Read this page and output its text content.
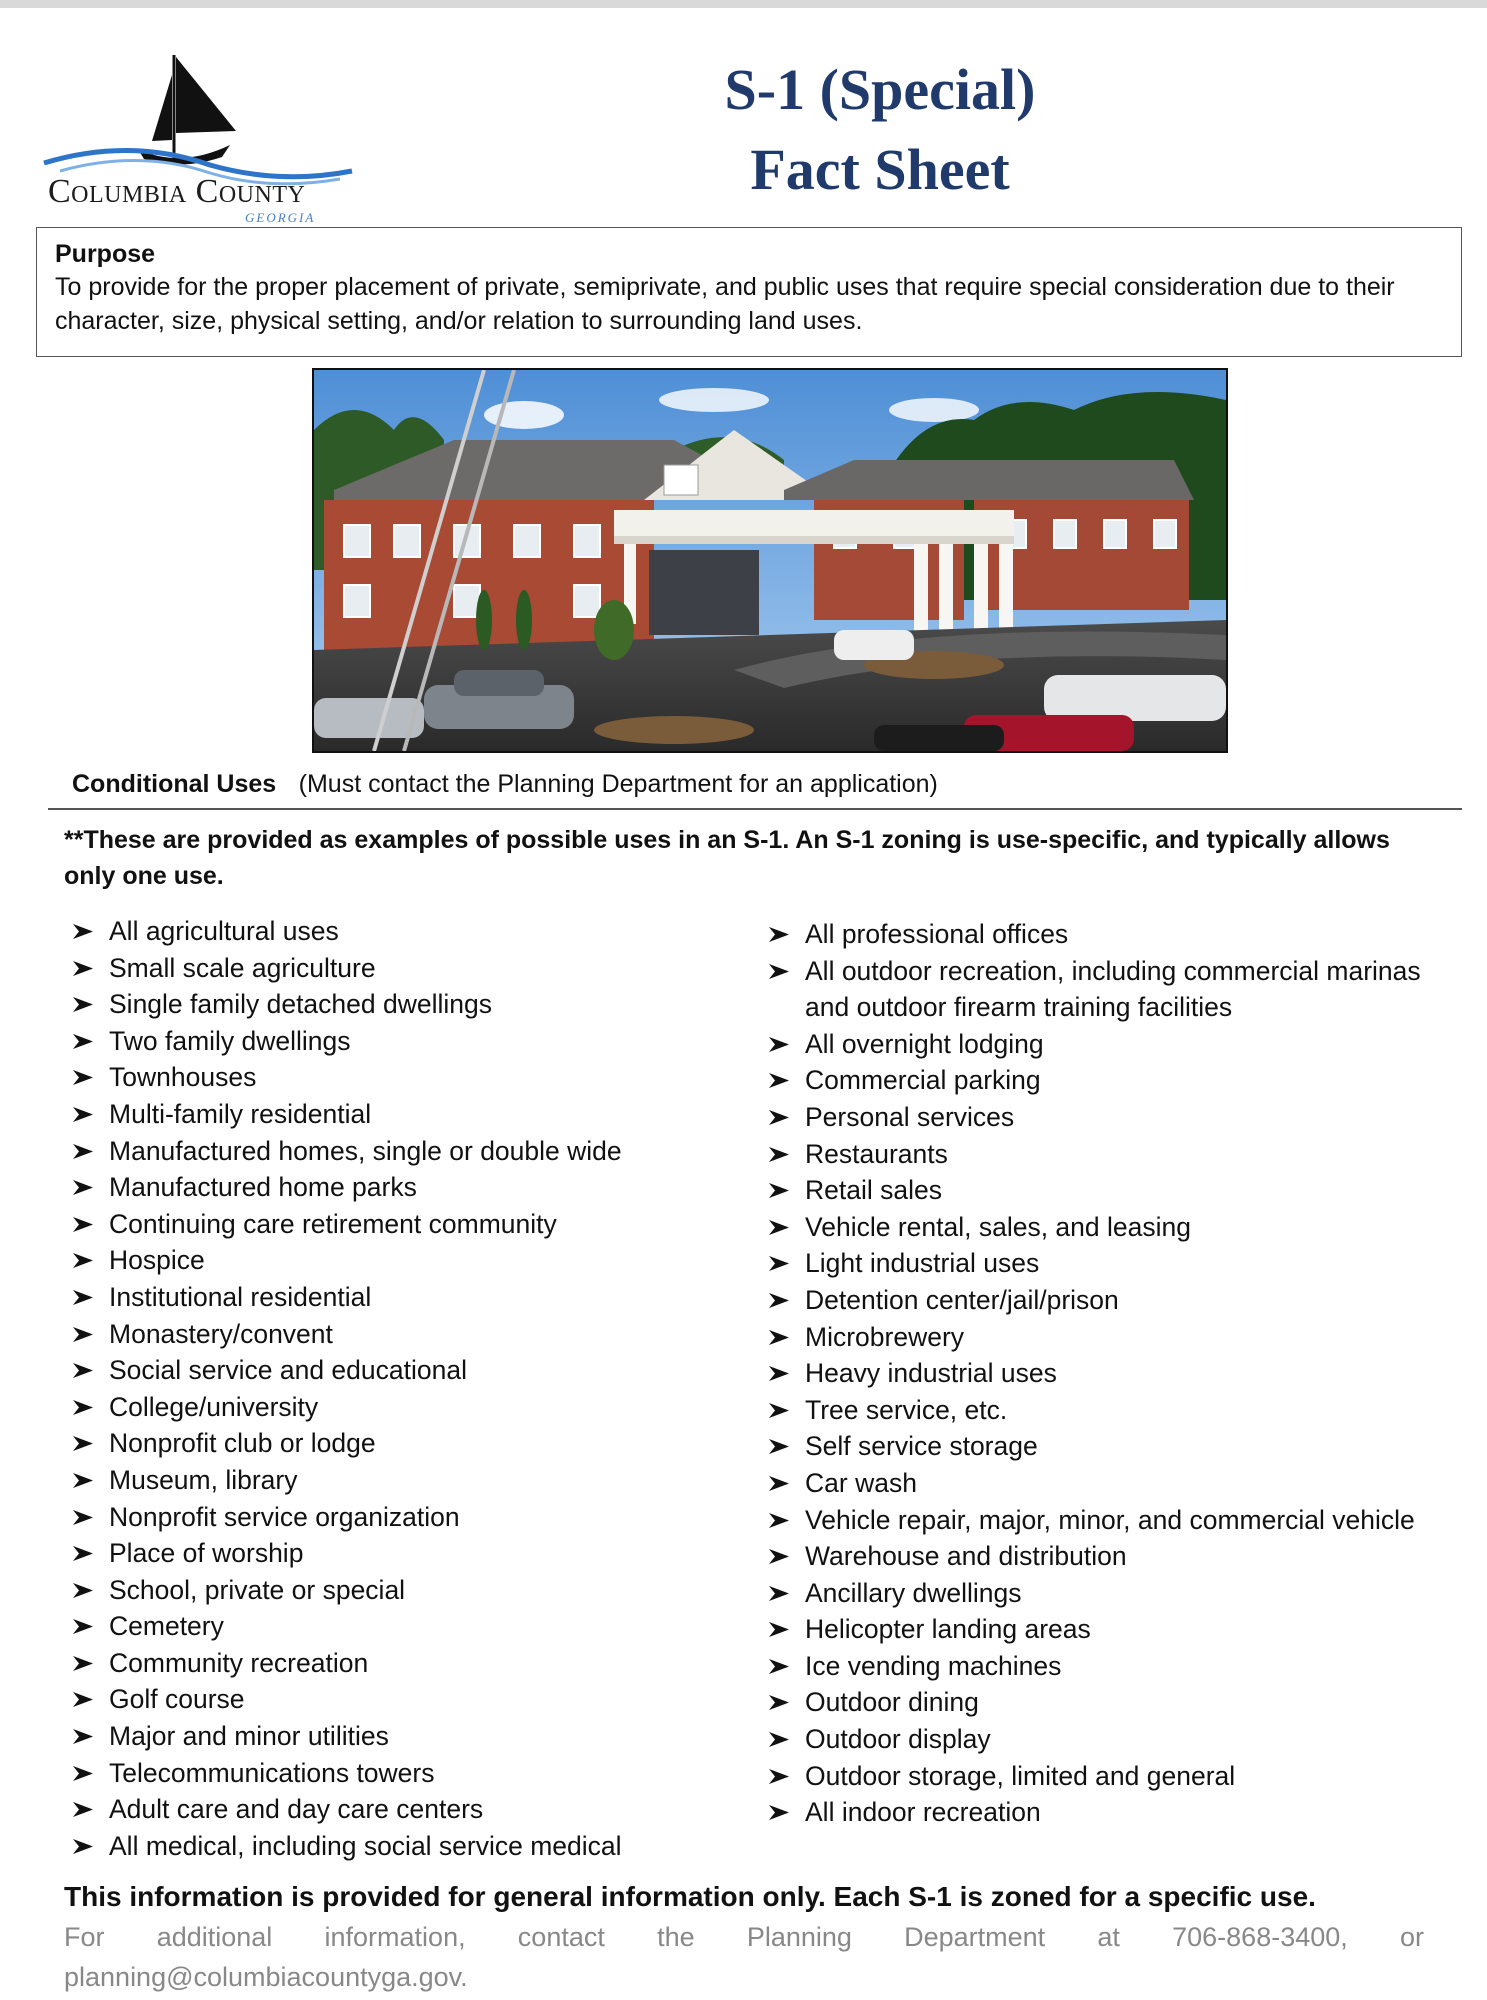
Columbia County
GEORGIA
S-1 (Special)
Fact Sheet
Purpose
To provide for the proper placement of private, semiprivate, and public uses that require special consideration due to their character, size, physical setting, and/or relation to surrounding land uses.
Conditional Uses (Must contact the Planning Department for an application)
**These are provided as examples of possible uses in an S-1. An S-1 zoning is use-specific, and typically allows only one use.
All agricultural uses
Small scale agriculture
Single family detached dwellings
Two family dwellings
Townhouses
Multi-family residential
Manufactured homes, single or double wide
Manufactured home parks
Continuing care retirement community
Hospice
Institutional residential
Monastery/convent
Social service and educational
College/university
Nonprofit club or lodge
Museum, library
Nonprofit service organization
Place of worship
School, private or special
Cemetery
Community recreation
Golf course
Major and minor utilities
Telecommunications towers
Adult care and day care centers
All medical, including social service medical
All professional offices
All outdoor recreation, including commercial marinas and outdoor firearm training facilities
All overnight lodging
Commercial parking
Personal services
Restaurants
Retail sales
Vehicle rental, sales, and leasing
Light industrial uses
Detention center/jail/prison
Microbrewery
Heavy industrial uses
Tree service, etc.
Self service storage
Car wash
Vehicle repair, major, minor, and commercial vehicle
Warehouse and distribution
Ancillary dwellings
Helicopter landing areas
Ice vending machines
Outdoor dining
Outdoor display
Outdoor storage, limited and general
All indoor recreation
This information is provided for general information only. Each S-1 is zoned for a specific use.
For additional information, contact the Planning Department at 706-868-3400, or planning@columbiacountyga.gov.
